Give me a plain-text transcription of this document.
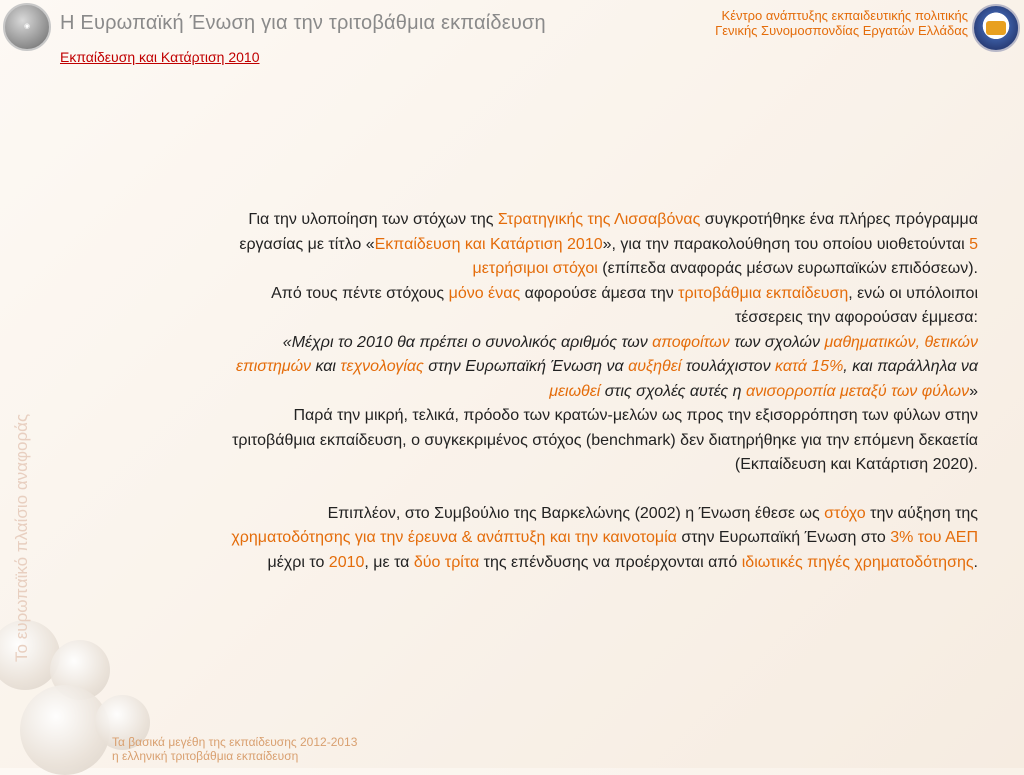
◉ Η Ευρωπαϊκή Ένωση για την τριτοβάθμια εκπαίδευση
Εκπαίδευση και Κατάρτιση 2010
Κέντρο ανάπτυξης εκπαιδευτικής πολιτικής
Γενικής Συνομοσπονδίας Εργατών Ελλάδας
Το ευρωπαϊκό πλαίσιο αναφοράς

Για την υλοποίηση των στόχων της Στρατηγικής της Λισσαβόνας συγκροτήθηκε ένα πλήρες πρόγραμμα εργασίας με τίτλο «Εκπαίδευση και Κατάρτιση 2010», για την παρακολούθηση του οποίου υιοθετούνται 5 μετρήσιμοι στόχοι (επίπεδα αναφοράς μέσων ευρωπαϊκών επιδόσεων).

Από τους πέντε στόχους μόνο ένας αφορούσε άμεσα την τριτοβάθμια εκπαίδευση, ενώ οι υπόλοιποι τέσσερεις την αφορούσαν έμμεσα:

«Μέχρι το 2010 θα πρέπει ο συνολικός αριθμός των αποφοίτων των σχολών μαθηματικών, θετικών επιστημών και τεχνολογίας στην Ευρωπαϊκή Ένωση να αυξηθεί τουλάχιστον κατά 15%, και παράλληλα να μειωθεί στις σχολές αυτές η ανισορροπία μεταξύ των φύλων»

Παρά την μικρή, τελικά, πρόοδο των κρατών-μελών ως προς την εξισορρόπηση των φύλων στην τριτοβάθμια εκπαίδευση, ο συγκεκριμένος στόχος (benchmark) δεν διατηρήθηκε για την επόμενη δεκαετία (Εκπαίδευση και Κατάρτιση 2020).

Επιπλέον, στο Συμβούλιο της Βαρκελώνης (2002) η Ένωση έθεσε ως στόχο την αύξηση της χρηματοδότησης για την έρευνα & ανάπτυξη και την καινοτομία στην Ευρωπαϊκή Ένωση στο 3% του ΑΕΠ μέχρι το 2010, με τα δύο τρίτα της επένδυσης να προέρχονται από ιδιωτικές πηγές χρηματοδότησης.

Τα βασικά μεγέθη της εκπαίδευσης 2012-2013
η ελληνική τριτοβάθμια εκπαίδευση
